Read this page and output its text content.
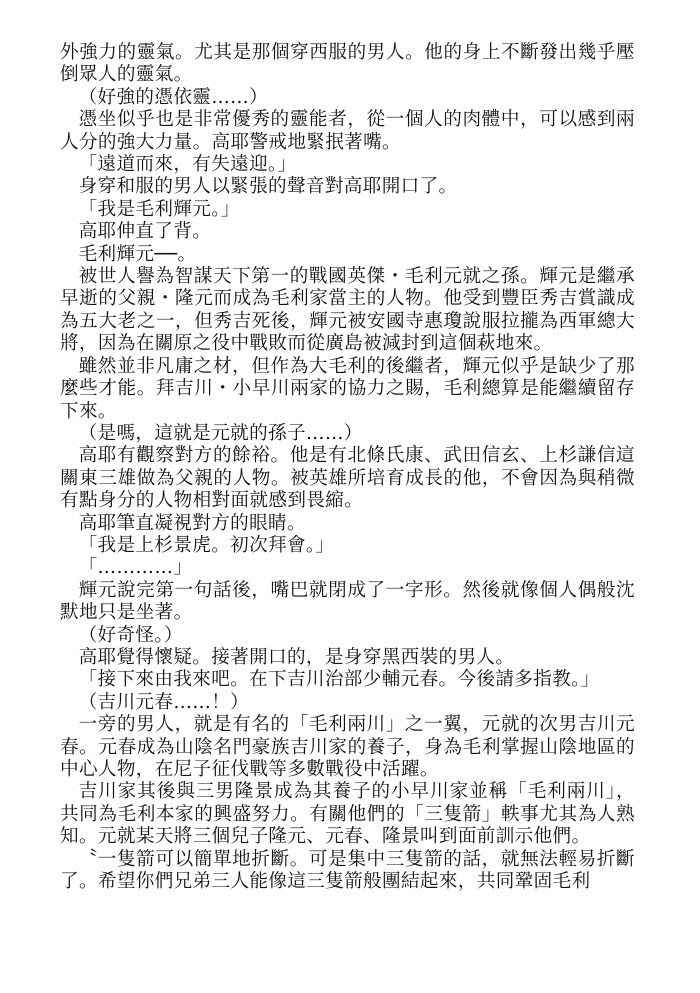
外強力的靈氣。尤其是那個穿西服的男人。他的身上不斷發出幾乎壓倒眾人的靈氣。

（好強的憑依靈……）

憑坐似乎也是非常優秀的靈能者，從一個人的肉體中，可以感到兩人分的強大力量。高耶警戒地緊抿著嘴。

「遠道而來，有失遠迎。」

身穿和服的男人以緊張的聲音對高耶開口了。

「我是毛利輝元。」

高耶伸直了背。

毛利輝元──。

被世人譽為智謀天下第一的戰國英傑・毛利元就之孫。輝元是繼承早逝的父親・隆元而成為毛利家當主的人物。他受到豐臣秀吉賞識成為五大老之一，但秀吉死後，輝元被安國寺惠瓊說服拉攏為西軍總大將，因為在關原之役中戰敗而從廣島被減封到這個萩地來。

雖然並非凡庸之材，但作為大毛利的後繼者，輝元似乎是缺少了那麼些才能。拜吉川・小早川兩家的協力之賜，毛利總算是能繼續留存下來。

（是嗎，這就是元就的孫子……）

高耶有觀察對方的餘裕。他是有北條氏康、武田信玄、上杉謙信這關東三雄做為父親的人物。被英雄所培育成長的他，不會因為與稍微有點身分的人物相對面就感到畏縮。

高耶筆直凝視對方的眼睛。

「我是上杉景虎。初次拜會。」

「…………」

輝元說完第一句話後，嘴巴就閉成了一字形。然後就像個人偶般沈默地只是坐著。

（好奇怪。）

高耶覺得懷疑。接著開口的，是身穿黑西裝的男人。

「接下來由我來吧。在下吉川治部少輔元春。今後請多指教。」

（吉川元春……！）

一旁的男人，就是有名的「毛利兩川」之一翼，元就的次男吉川元春。元春成為山陰名門豪族吉川家的養子，身為毛利掌握山陰地區的中心人物，在尼子征伐戰等多數戰役中活躍。

吉川家其後與三男隆景成為其養子的小早川家並稱「毛利兩川」，共同為毛利本家的興盛努力。有關他們的「三隻箭」軼事尤其為人熟知。元就某天將三個兒子隆元、元春、隆景叫到面前訓示他們。

〝一隻箭可以簡單地折斷。可是集中三隻箭的話，就無法輕易折斷了。希望你們兄弟三人能像這三隻箭般團結起來，共同鞏固毛利
